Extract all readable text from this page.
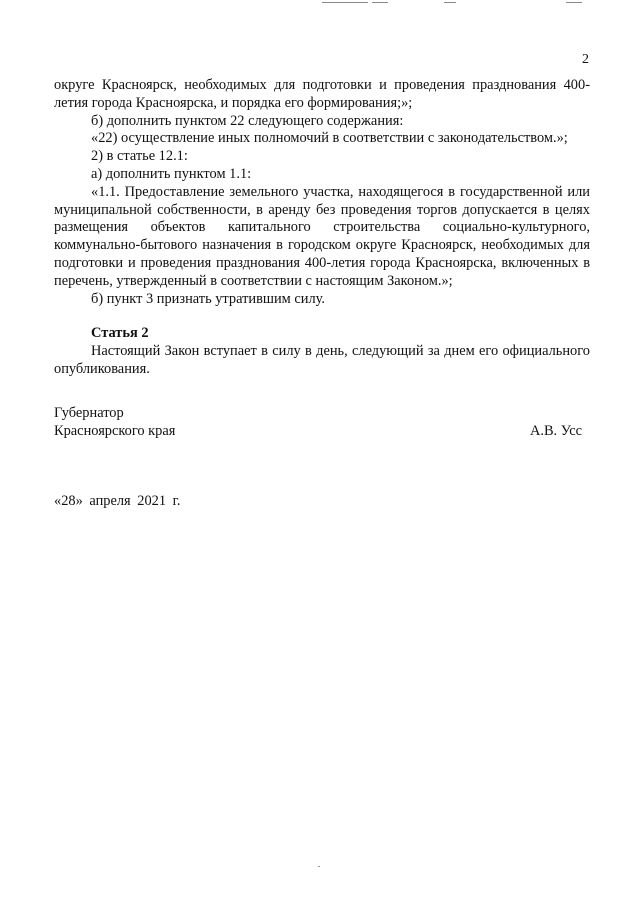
2

округе Красноярск, необходимых для подготовки и проведения празднования 400-летия города Красноярска, и порядка его формирования;»;

б) дополнить пунктом 22 следующего содержания:

«22) осуществление иных полномочий в соответствии с законодательством.»;

2) в статье 12.1:

а) дополнить пунктом 1.1:

«1.1. Предоставление земельного участка, находящегося в государственной или муниципальной собственности, в аренду без проведения торгов допускается в целях размещения объектов капитального строительства социально-культурного, коммунально-бытового назначения в городском округе Красноярск, необходимых для подготовки и проведения празднования 400-летия города Красноярска, включенных в перечень, утвержденный в соответствии с настоящим Законом.»;

б) пункт 3 признать утратившим силу.

Статья 2

Настоящий Закон вступает в силу в день, следующий за днем его официального опубликования.

Губернатор
Красноярского края	А.В. Усс
«28» апреля 2021 г.
